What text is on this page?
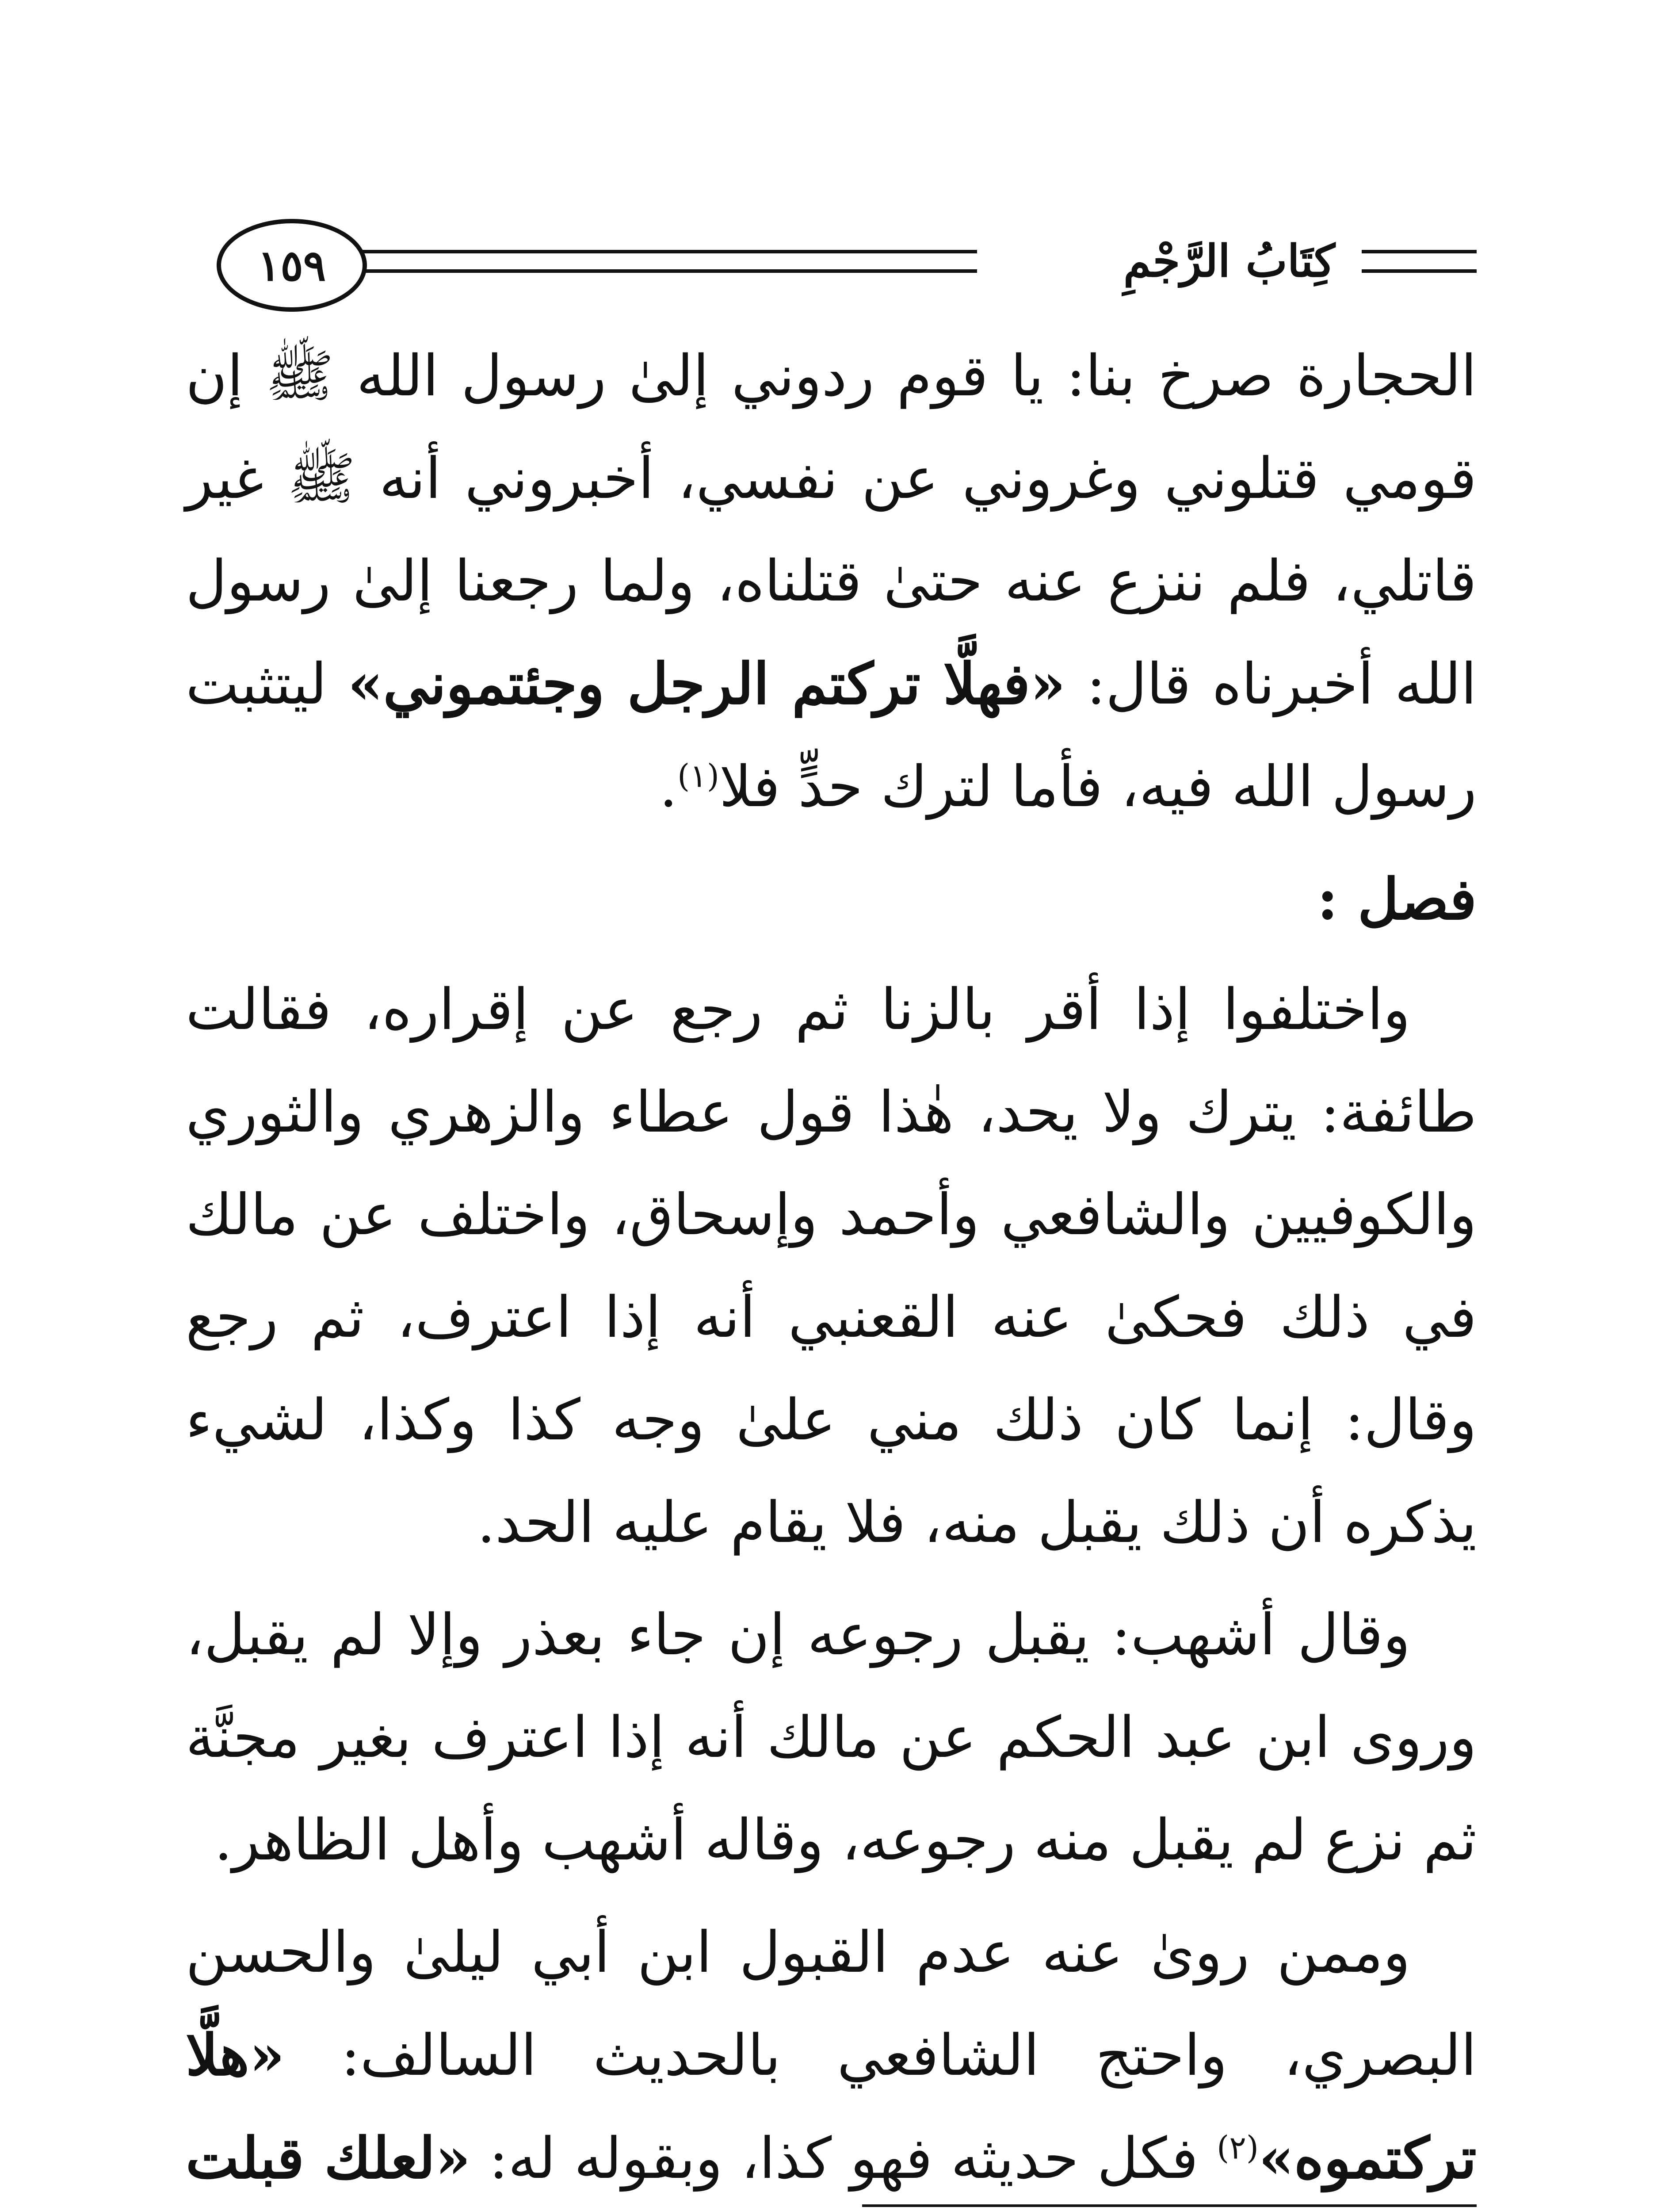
كِتَابُ الرَّجْمِ
١٥٩

الحجارة صرخ بنا: يا قوم ردوني إلىٰ رسول الله ﷺ إن قومي قتلوني وغروني عن نفسي، أخبروني أنه ﷺ غير قاتلي، فلم ننزع عنه حتىٰ قتلناه، ولما رجعنا إلىٰ رسول الله أخبرناه قال: «فهلَّا تركتم الرجل وجئتموني» ليتثبت رسول الله فيه، فأما لترك حدٍّ فلا$^{(١)}$.

فصل :

واختلفوا إذا أقر بالزنا ثم رجع عن إقراره، فقالت طائفة: يترك ولا يحد، هٰذا قول عطاء والزهري والثوري والكوفيين والشافعي وأحمد وإسحاق، واختلف عن مالك في ذلك فحكىٰ عنه القعنبي أنه إذا اعترف، ثم رجع وقال: إنما كان ذلك مني علىٰ وجه كذا وكذا، لشيء يذكره أن ذلك يقبل منه، فلا يقام عليه الحد.

وقال أشهب: يقبل رجوعه إن جاء بعذر وإلا لم يقبل، وروى ابن عبد الحكم عن مالك أنه إذا اعترف بغير مجنَّة ثم نزع لم يقبل منه رجوعه، وقاله أشهب وأهل الظاهر.

وممن روىٰ عنه عدم القبول ابن أبي ليلىٰ والحسن البصري، واحتج الشافعي بالحديث السالف: «هلَّا تركتموه»$^{(٢)}$ فكل حديثه فهو كذا، وبقوله له: «لعلك قبلت
